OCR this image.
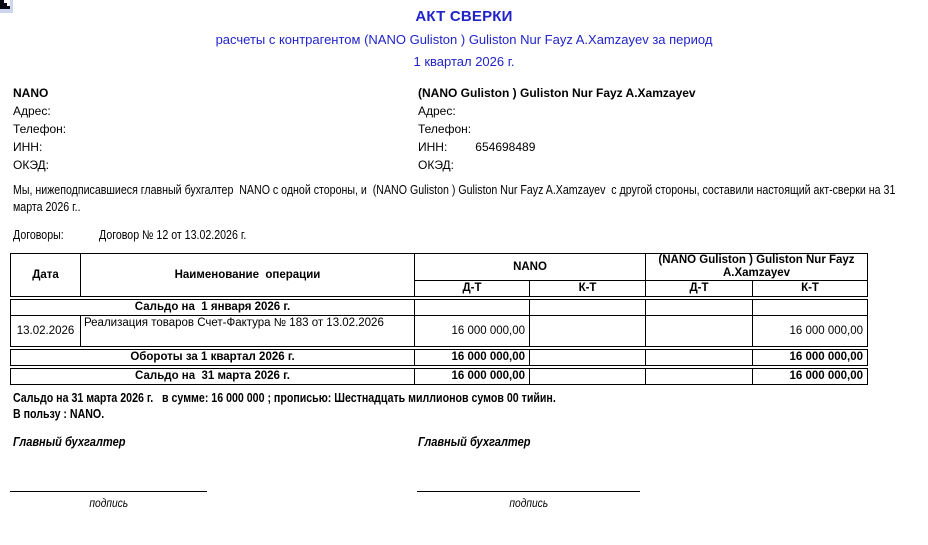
АКТ СВЕРКИ
расчеты с контрагентом (NANO Guliston ) Guliston Nur Fayz A.Xamzayev за период
1 квартал 2026 г.
NANO
Адрес:
Телефон:
ИНН:
ОКЭД:
(NANO Guliston ) Guliston Nur Fayz A.Xamzayev
Адрес:
Телефон:
ИНН: 654698489
ОКЭД:
Мы, нижеподписавшиеся главный бухгалтер  NANO с одной стороны, и  (NANO Guliston ) Guliston Nur Fayz A.Xamzayev  с другой стороны, составили настоящий акт-сверки на 31 марта 2026 г..
Договоры:	Договор № 12 от 13.02.2026 г.
Дата	Наименование  операции	NANO		(NANO Guliston ) Guliston Nur Fayz A.Xamzayev	
		Д-Т	К-Т	Д-Т	К-Т
Сальдо на  1 января 2026 г.					
13.02.2026	Реализация товаров Счет-Фактура № 183 от 13.02.2026	16 000 000,00			16 000 000,00
Обороты за 1 квартал 2026 г.	16 000 000,00			16 000 000,00
Сальдо на  31 марта 2026 г.	16 000 000,00			16 000 000,00
Сальдо на 31 марта 2026 г.   в сумме: 16 000 000 ; прописью: Шестнадцать миллионов сумов 00 тийин.
В пользу : NANO.
Главный бухгалтер	Главный бухгалтер
подпись	подпись
